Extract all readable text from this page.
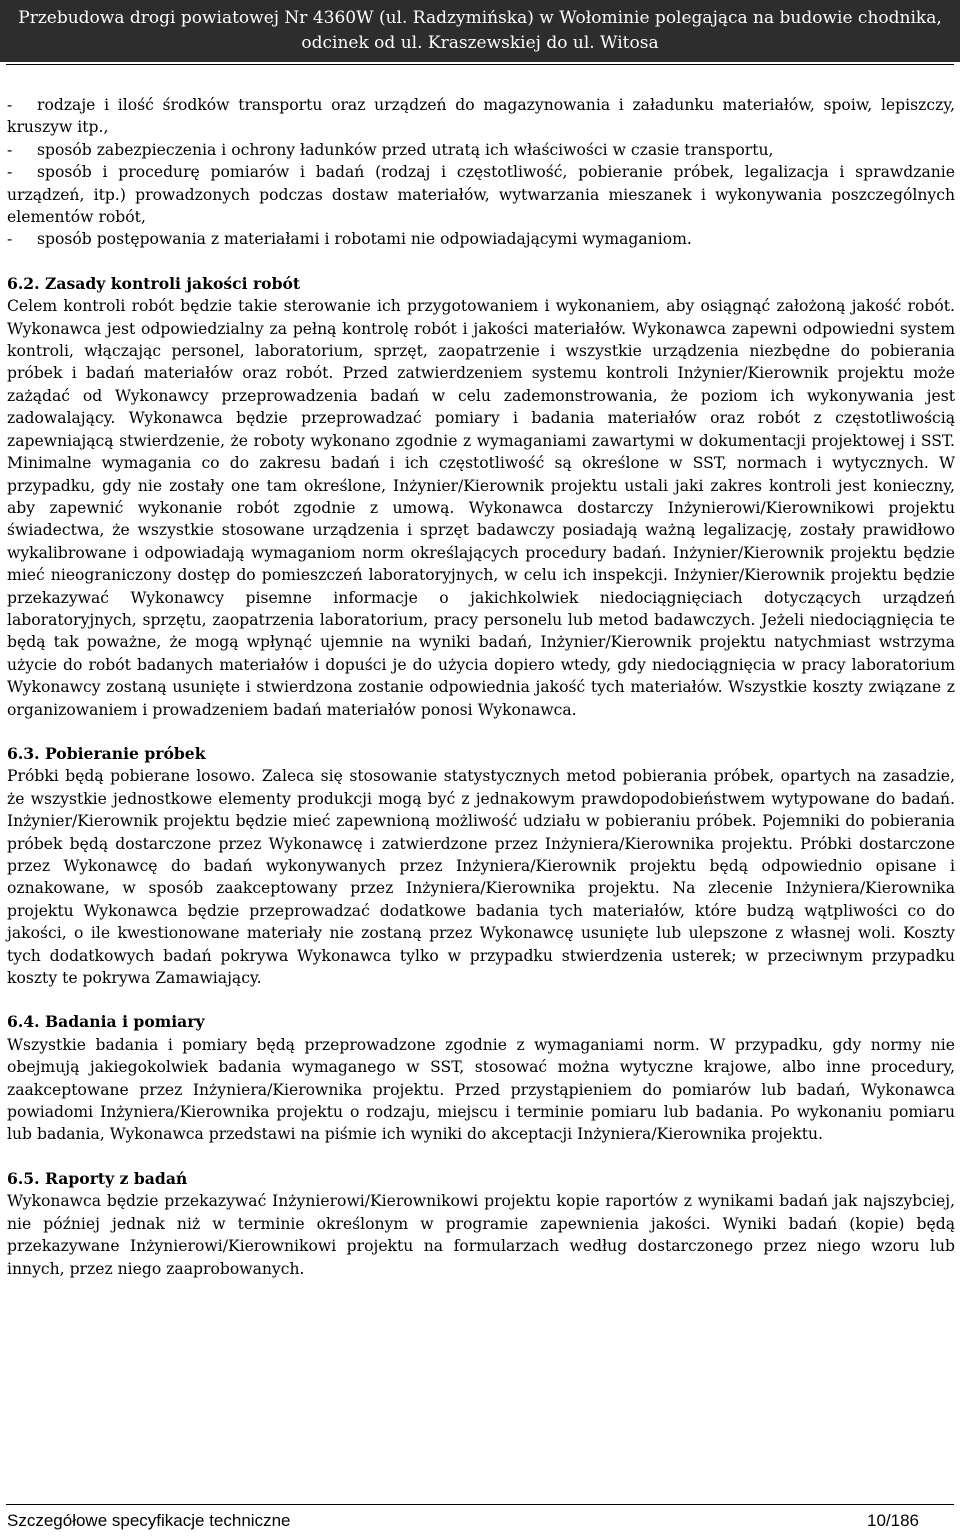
Przebudowa drogi powiatowej Nr 4360W (ul. Radzymińska) w Wołominie polegająca na budowie chodnika,
odcinek od ul. Kraszewskiej do ul. Witosa

- rodzaje i ilość środków transportu oraz urządzeń do magazynowania i załadunku materiałów, spoiw, lepiszczy, kruszyw itp.,

- sposób zabezpieczenia i ochrony ładunków przed utratą ich właściwości w czasie transportu,

- sposób i procedurę pomiarów i badań (rodzaj i częstotliwość, pobieranie próbek, legalizacja i sprawdzanie urządzeń, itp.) prowadzonych podczas dostaw materiałów, wytwarzania mieszanek i wykonywania poszczególnych elementów robót,

- sposób postępowania z materiałami i robotami nie odpowiadającymi wymaganiom.

6.2. Zasady kontroli jakości robót

Celem kontroli robót będzie takie sterowanie ich przygotowaniem i wykonaniem, aby osiągnąć założoną jakość robót. Wykonawca jest odpowiedzialny za pełną kontrolę robót i jakości materiałów. Wykonawca zapewni odpowiedni system kontroli, włączając personel, laboratorium, sprzęt, zaopatrzenie i wszystkie urządzenia niezbędne do pobierania próbek i badań materiałów oraz robót. Przed zatwierdzeniem systemu kontroli Inżynier/Kierownik projektu może zażądać od Wykonawcy przeprowadzenia badań w celu zademonstrowania, że poziom ich wykonywania jest zadowalający. Wykonawca będzie przeprowadzać pomiary i badania materiałów oraz robót z częstotliwością zapewniającą stwierdzenie, że roboty wykonano zgodnie z wymaganiami zawartymi w dokumentacji projektowej i SST. Minimalne wymagania co do zakresu badań i ich częstotliwość są określone w SST, normach i wytycznych. W przypadku, gdy nie zostały one tam określone, Inżynier/Kierownik projektu ustali jaki zakres kontroli jest konieczny, aby zapewnić wykonanie robót zgodnie z umową. Wykonawca dostarczy Inżynierowi/Kierownikowi projektu świadectwa, że wszystkie stosowane urządzenia i sprzęt badawczy posiadają ważną legalizację, zostały prawidłowo wykalibrowane i odpowiadają wymaganiom norm określających procedury badań. Inżynier/Kierownik projektu będzie mieć nieograniczony dostęp do pomieszczeń laboratoryjnych, w celu ich inspekcji. Inżynier/Kierownik projektu będzie przekazywać Wykonawcy pisemne informacje o jakichkolwiek niedociągnięciach dotyczących urządzeń laboratoryjnych, sprzętu, zaopatrzenia laboratorium, pracy personelu lub metod badawczych. Jeżeli niedociągnięcia te będą tak poważne, że mogą wpłynąć ujemnie na wyniki badań, Inżynier/Kierownik projektu natychmiast wstrzyma użycie do robót badanych materiałów i dopuści je do użycia dopiero wtedy, gdy niedociągnięcia w pracy laboratorium Wykonawcy zostaną usunięte i stwierdzona zostanie odpowiednia jakość tych materiałów. Wszystkie koszty związane z organizowaniem i prowadzeniem badań materiałów ponosi Wykonawca.

6.3. Pobieranie próbek

Próbki będą pobierane losowo. Zaleca się stosowanie statystycznych metod pobierania próbek, opartych na zasadzie, że wszystkie jednostkowe elementy produkcji mogą być z jednakowym prawdopodobieństwem wytypowane do badań. Inżynier/Kierownik projektu będzie mieć zapewnioną możliwość udziału w pobieraniu próbek. Pojemniki do pobierania próbek będą dostarczone przez Wykonawcę i zatwierdzone przez Inżyniera/Kierownika projektu. Próbki dostarczone przez Wykonawcę do badań wykonywanych przez Inżyniera/Kierownik projektu będą odpowiednio opisane i oznakowane, w sposób zaakceptowany przez Inżyniera/Kierownika projektu. Na zlecenie Inżyniera/Kierownika projektu Wykonawca będzie przeprowadzać dodatkowe badania tych materiałów, które budzą wątpliwości co do jakości, o ile kwestionowane materiały nie zostaną przez Wykonawcę usunięte lub ulepszone z własnej woli. Koszty tych dodatkowych badań pokrywa Wykonawca tylko w przypadku stwierdzenia usterek; w przeciwnym przypadku koszty te pokrywa Zamawiający.

6.4. Badania i pomiary

Wszystkie badania i pomiary będą przeprowadzone zgodnie z wymaganiami norm. W przypadku, gdy normy nie obejmują jakiegokolwiek badania wymaganego w SST, stosować można wytyczne krajowe, albo inne procedury, zaakceptowane przez Inżyniera/Kierownika projektu. Przed przystąpieniem do pomiarów lub badań, Wykonawca powiadomi Inżyniera/Kierownika projektu o rodzaju, miejscu i terminie pomiaru lub badania. Po wykonaniu pomiaru lub badania, Wykonawca przedstawi na piśmie ich wyniki do akceptacji Inżyniera/Kierownika projektu.

6.5. Raporty z badań

Wykonawca będzie przekazywać Inżynierowi/Kierownikowi projektu kopie raportów z wynikami badań jak najszybciej, nie później jednak niż w terminie określonym w programie zapewnienia jakości. Wyniki badań (kopie) będą przekazywane Inżynierowi/Kierownikowi projektu na formularzach według dostarczonego przez niego wzoru lub innych, przez niego zaaprobowanych.

Szczegółowe specyfikacje techniczne	10/186
